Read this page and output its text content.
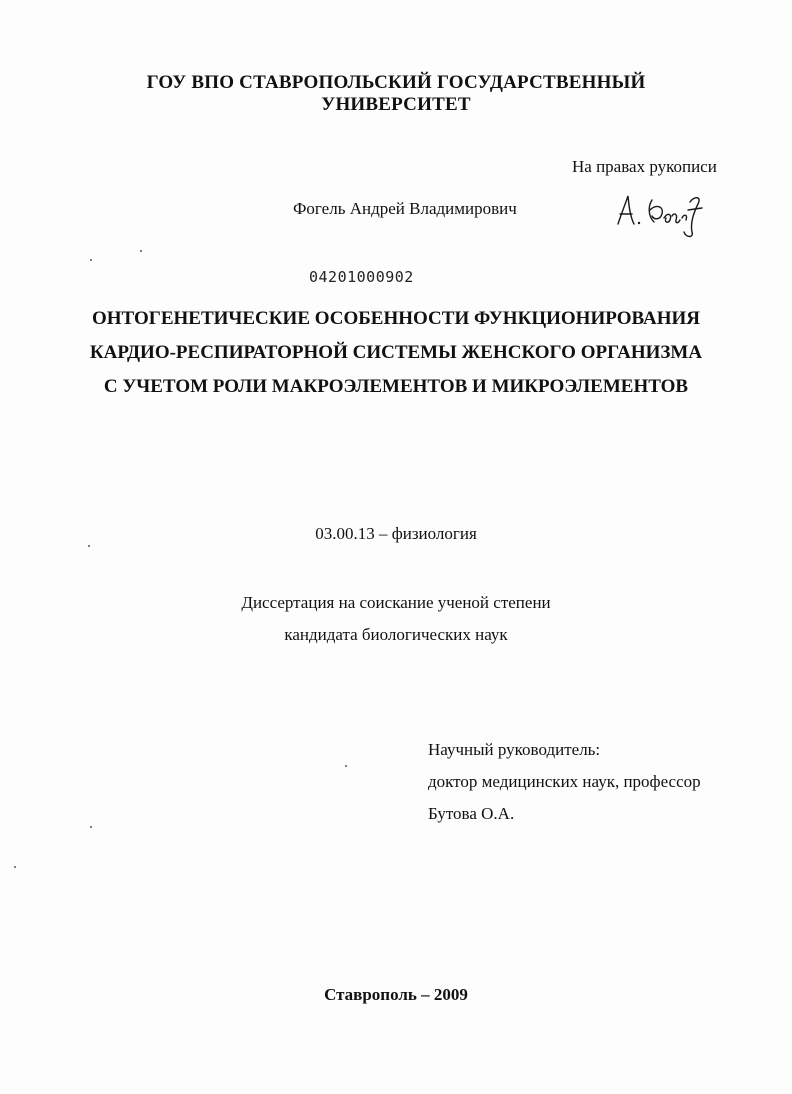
ГОУ ВПО СТАВРОПОЛЬСКИЙ ГОСУДАРСТВЕННЫЙ
УНИВЕРСИТЕТ
На правах рукописи
Фогель Андрей Владимирович
04201000902
ОНТОГЕНЕТИЧЕСКИЕ ОСОБЕННОСТИ ФУНКЦИОНИРОВАНИЯ
КАРДИО-РЕСПИРАТОРНОЙ СИСТЕМЫ ЖЕНСКОГО ОРГАНИЗМА
С УЧЕТОМ РОЛИ МАКРОЭЛЕМЕНТОВ И МИКРОЭЛЕМЕНТОВ
03.00.13 – физиология
Диссертация на соискание ученой степени
кандидата биологических наук
Научный руководитель:
доктор медицинских наук, профессор
Бутова О.А.
Ставрополь – 2009
